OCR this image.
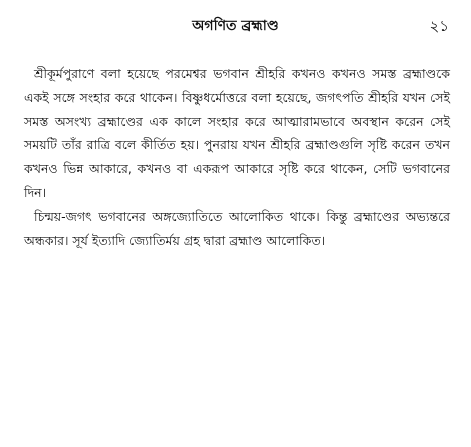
অগণিত ব্রহ্মাণ্ড	২১

শ্রীকূর্মপুরাণে বলা হয়েছে পরমেশ্বর ভগবান শ্রীহরি কখনও কখনও সমস্ত ব্রহ্মাণ্ডকে একই সঙ্গে সংহার করে থাকেন। বিষ্ণুধর্মোত্তরে বলা হয়েছে, জগৎপতি শ্রীহরি যখন সেই সমস্ত অসংখ্য ব্রহ্মাণ্ডের এক কালে সংহার করে আত্মারামভাবে অবস্থান করেন সেই সময়টি তাঁর রাত্রি বলে কীর্তিত হয়। পুনরায় যখন শ্রীহরি ব্রহ্মাণ্ডগুলি সৃষ্টি করেন তখন কখনও ভিন্ন আকারে, কখনও বা একরূপ আকারে সৃষ্টি করে থাকেন, সেটি ভগবানের দিন।

চিন্ময়-জগৎ ভগবানের অঙ্গজ্যোতিতে আলোকিত থাকে। কিন্তু ব্রহ্মাণ্ডের অভ্যন্তরে অন্ধকার। সূর্য ইত্যাদি জ্যোতির্ময় গ্রহ দ্বারা ব্রহ্মাণ্ড আলোকিত।
